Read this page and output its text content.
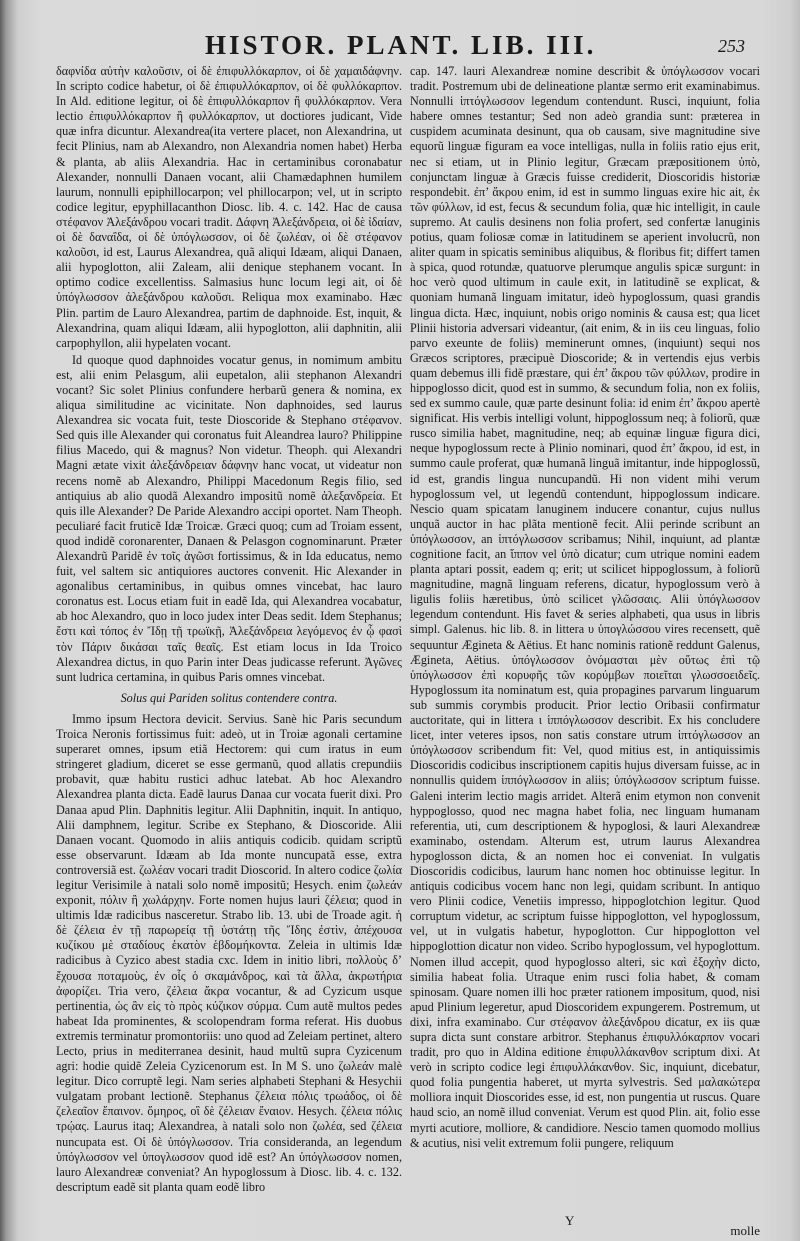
HISTOR. PLANT. LIB. III.	253

δαφνίδα αὐτὴν καλοῦσιν, οἱ δὲ ἐπιφυλλόκαρπον, οἱ δὲ χαμαιδάφνην. In scripto codice habetur, οἱ δὲ ἐπιφυλλόκαρπον, οἱ δὲ φυλλόκαρπον. In Ald. editione legitur, οἱ δὲ ἐπιφυλλόκαρπον ἢ φυλλόκαρπον. Vera lectio ἐπιφυλλόκαρπον ἢ φυλλόκαρπον, ut doctiores judicant, Vide quæ infra dicuntur. Alexandrea(ita vertere placet, non Alexandrina, ut fecit Plinius, nam ab Alexandro, non Alexandria nomen habet) Herba & planta, ab aliis Alexandria. Hac in certaminibus coronabatur Alexander, nonnulli Danaen vocant, alii Chamædaphnen humilem laurum, nonnulli epiphillocarpon; vel phillocarpon; vel, ut in scripto codice legitur, epyphillacanthon Diosc. lib. 4. c. 142. Hac de causa στέφανον Ἀλεξάνδρου vocari tradit. Δάφνη Ἀλεξάνδρεια, οἱ δὲ ἰδαίαν, οἱ δὲ δαναΐδα, οἱ δὲ ὑπόγλωσσον, οἱ δὲ ζωλέαν, οἱ δὲ στέφανον καλοῦσι, id est, Laurus Alexandrea, quã aliqui Idæam, aliqui Danaen, alii hypoglotton, alii Zaleam, alii denique stephanem vocant. In optimo codice excellentiss. Salmasius hunc locum legi ait, οἱ δὲ ὑπόγλωσσον ἀλεξάνδρου καλοῦσι. Reliqua mox examinabo. Hæc Plin. partim de Lauro Alexandrea, partim de daphnoide. Est, inquit, & Alexandrina, quam aliqui Idæam, alii hypoglotton, alii daphnitin, alii carpophyllon, alii hypelaten vocant.

Id quoque quod daphnoides vocatur genus, in nomimum ambitu est, alii enim Pelasgum, alii eupetalon, alii stephanon Alexandri vocant? Sic solet Plinius confundere herbarũ genera & nomina, ex aliqua similitudine ac vicinitate. Non daphnoides, sed laurus Alexandrea sic vocata fuit, teste Dioscoride & Stephano στέφανον. Sed quis ille Alexander qui coronatus fuit Aleandrea lauro? Philippine filius Macedo, qui & magnus? Non videtur. Theoph. qui Alexandri Magni ætate vixit ἀλεξάνδρειαν δάφνην hanc vocat, ut videatur non recens nomẽ ab Alexandro, Philippi Macedonum Regis filio, sed antiquius ab alio quodã Alexandro impositũ nomẽ ἀλεξανδρεία. Et quis ille Alexander? De Paride Alexandro accipi oportet. Nam Theoph. peculiaré facit fruticẽ Idæ Troicæ. Græci quoq; cum ad Troiam essent, quod indidẽ coronarenter, Danaen & Pelasgon cognominarunt. Præter Alexandrũ Paridẽ ἐν τοῖς ἀγῶσι fortissimus, & in Ida educatus, nemo fuit, vel saltem sic antiquiores auctores convenit. Hic Alexander in agonalibus certaminibus, in quibus omnes vincebat, hac lauro coronatus est. Locus etiam fuit in eadẽ Ida, qui Alexandrea vocabatur, ab hoc Alexandro, quo in loco judex inter Deas sedit. Idem Stephanus; ἔστι καὶ τόπος ἐν Ἴδῃ τῇ τρωϊκῇ, Ἀλεξάνδρεια λεγόμενος ἐν ᾧ φασὶ τὸν Πάριν δικάσαι ταῖς θεαῖς. Est etiam locus in Ida Troico Alexandrea dictus, in quo Parin inter Deas judicasse referunt. Ἀγῶνες sunt ludrica certamina, in quibus Paris omnes vincebat.

Solus qui Pariden solitus contendere contra.

Immo ipsum Hectora devicit. Servius. Sanè hic Paris secundum Troica Neronis fortissimus fuit: adeò, ut in Troiæ agonali certamine superaret omnes, ipsum etiã Hectorem: qui cum iratus in eum stringeret gladium, diceret se esse germanũ, quod allatis crepundiis probavit, quæ habitu rustici adhuc latebat. Ab hoc Alexandro Alexandrea planta dicta. Eadẽ laurus Danaa cur vocata fuerit dixi. Pro Danaa apud Plin. Daphnitis legitur. Alii Daphnitin, inquit. In antiquo, Alii damphnem, legitur. Scribe ex Stephano, & Dioscoride. Alii Danaen vocant. Quomodo in aliis antiquis codicib. quidam scriptũ esse observarunt. Idæam ab Ida monte nuncupatã esse, extra controversiã est. ζωλέαν vocari tradit Dioscorid. In altero codice ζωλία legitur Verisimile à natali solo nomẽ impositũ; Hesych. enim ζωλεάν exponit, πόλιν ἢ χωλάρχην. Forte nomen hujus lauri ζέλεια; quod in ultimis Idæ radicibus nasceretur. Strabo lib. 13. ubi de Troade agit. ἡ δὲ ζέλεια ἐν τῇ παρωρείᾳ τῇ ὑστάτῃ τῆς Ἴδης ἐστὶν, ἀπέχουσα κυζίκου μὲ σταδίους ἑκατὸν ἑβδομήκοντα. Zeleia in ultimis Idæ radicibus à Cyzico abest stadia cxc. Idem in initio libri, πολλοὺς δ’ ἔχουσα ποταμοὺς, ἐν οἷς ὁ σκαμάνδρος, καὶ τὰ ἄλλα, ἀκρωτήρια ἀφορίζει. Tria vero, ζέλεια ἄκρα vocantur, & ad Cyzicum usque pertinentia, ὡς ἂν εἰς τὸ πρὸς κύζικον σύρμα. Cum autẽ multos pedes habeat Ida prominentes, & scolopendram forma referat. His duobus extremis terminatur promontoriis: uno quod ad Zeleiam pertinet, altero Lecto, prius in mediterranea desinit, haud multũ supra Cyzicenum agri: hodie quidẽ Zeleia Cyzicenorum est. In M S. uno ζωλεάν malè legitur. Dico corruptẽ legi. Nam series alphabeti Stephani & Hesychii vulgatam probant lectionẽ. Stephanus ζέλεια πόλις τρωάδος, οἱ δὲ ζελεαῖον ἔπαινον. ὅμηρος, οἳ δὲ ζέλειαν ἔναιον. Hesych. ζέλεια πόλις τρῴας. Laurus itaq; Alexandrea, à natali solo non ζωλέα, sed ζέλεια nuncupata est. Οἱ δὲ ὑπόγλωσσον. Tria consideranda, an legendum ὑπόγλωσσον vel ὑπογλωσσον quod idẽ est? An ὑπόγλωσσον nomen, lauro Alexandreæ conveniat? An hypoglossum à Diosc. lib. 4. c. 132. descriptum eadẽ sit planta quam eodẽ libro

cap. 147. lauri Alexandreæ nomine describit & ὑπόγλωσσον vocari tradit. Postremum ubi de delineatione plantæ sermo erit examinabimus. Nonnulli ἱπτόγλωσσον legendum contendunt. Rusci, inquiunt, folia habere omnes testantur; Sed non adeò grandia sunt: præterea in cuspidem acuminata desinunt, qua ob causam, sive magnitudine sive equorũ linguæ figuram ea voce intelligas, nulla in foliis ratio ejus erit, nec si etiam, ut in Plinio legitur, Græcam præpositionem ὑπὸ, conjunctam linguæ à Græcis fuisse crediderit, Dioscoridis historiæ respondebit. ἐπ’ ἄκρου enim, id est in summo linguas exire hic ait, ἐκ τῶν φύλλων, id est, fecus & secundum folia, quæ hic intelligit, in caule supremo. At caulis desinens non folia profert, sed confertæ lanuginis potius, quam foliosæ comæ in latitudinem se aperient involucrũ, non aliter quam in spicatis seminibus aliquibus, & floribus fit; differt tamen à spica, quod rotundæ, quatuorve plerumque angulis spicæ surgunt: in hoc verò quod ultimum in caule exit, in latitudinẽ se explicat, & quoniam humanã linguam imitatur, ideò hypoglossum, quasi grandis lingua dicta. Hæc, inquiunt, nobis origo nominis & causa est; qua licet Plinii historia adversari videantur, (ait enim, & in iis ceu linguas, folio parvo exeunte de foliis) meminerunt omnes, (inquiunt) sequi nos Græcos scriptores, præcipuè Dioscoride; & in vertendis ejus verbis quam debemus illi fidẽ præstare, qui ἐπ’ ἄκρου τῶν φύλλων, prodire in hippoglosso dicit, quod est in summo, & secundum folia, non ex foliis, sed ex summo caule, quæ parte desinunt folia: id enim ἐπ’ ἄκρου apertè significat. His verbis intelligi volunt, hippoglossum neq; à foliorũ, quæ rusco similia habet, magnitudine, neq; ab equinæ linguæ figura dici, neque hypoglossum recte à Plinio nominari, quod ἐπ’ ἄκρου, id est, in summo caule proferat, quæ humanã linguã imitantur, inde hippoglossũ, id est, grandis lingua nuncupandũ. Hi non vident mihi verum hypoglossum vel, ut legendũ contendunt, hippoglossum indicare. Nescio quam spicatam lanuginem inducere conantur, cujus nullus unquã auctor in hac plãta mentionẽ fecit. Alii perinde scribunt an ὑπόγλωσσον, an ἱπτόγλωσσον scribamus; Nihil, inquiunt, ad plantæ cognitione facit, an ἵππον vel ὑπὸ dicatur; cum utrique nomini eadem planta aptari possit, eadem q; erit; ut scilicet hippoglossum, à foliorũ magnitudine, magnã linguam referens, dicatur, hypoglossum verò à ligulis foliis hæretibus, ὑπὸ scilicet γλῶσσαις. Alii ὑπόγλωσσον legendum contendunt. His favet & series alphabeti, qua usus in libris simpl. Galenus. hic lib. 8. in littera υ ὑπογλώσσου vires recensett, quẽ sequuntur Ægineta & Aëtius. Et hanc nominis rationẽ reddunt Galenus, Ægineta, Aëtius. ὑπόγλωσσον ὀνόμασται μὲν οὕτως ἐπὶ τῷ ὑπόγλωσσον ἐπὶ κορυφῆς τῶν κορύμβων ποιεῖται γλωσσοειδεῖς. Hypoglossum ita nominatum est, quia propagines parvarum linguarum sub summis corymbis producit. Prior lectio Oribasii confirmatur auctoritate, qui in littera ι ἱππόγλωσσον describit. Ex his concludere licet, inter veteres ipsos, non satis constare utrum ἱπτόγλωσσον an ὑπόγλωσσον scribendum fit: Vel, quod mitius est, in antiquissimis Dioscoridis codicibus inscriptionem capitis hujus diversam fuisse, ac in nonnullis quidem ἱππόγλωσσον in aliis; ὑπόγλωσσον scriptum fuisse. Galeni interim lectio magis arridet. Alterã enim etymon non convenit hyppoglosso, quod nec magna habet folia, nec linguam humanam referentia, uti, cum descriptionem & hypoglosi, & lauri Alexandreæ examinabo, ostendam. Alterum est, utrum laurus Alexandrea hypoglosson dicta, & an nomen hoc ei conveniat. In vulgatis Dioscoridis codicibus, laurum hanc nomen hoc obtinuisse legitur. In antiquis codicibus vocem hanc non legi, quidam scribunt. In antiquo vero Plinii codice, Venetiis impresso, hippoglotchion legitur. Quod corruptum videtur, ac scriptum fuisse hippoglotton, vel hypoglossum, vel, ut in vulgatis habetur, hypoglotton. Cur hippoglotton vel hippoglottion dicatur non video. Scribo hypoglossum, vel hypoglottum. Nomen illud accepit, quod hypoglosso alteri, sic καὶ ἐξοχὴν dicto, similia habeat folia. Utraque enim rusci folia habet, & comam spinosam. Quare nomen illi hoc præter rationem impositum, quod, nisi apud Plinium legeretur, apud Dioscoridem expungerem. Postremum, ut dixi, infra examinabo. Cur στέφανον ἀλεξάνδρου dicatur, ex iis quæ supra dicta sunt constare arbitror. Stephanus ἐπιφυλλόκαρπον vocari tradit, pro quo in Aldina editione ἐπιφυλλάκανθον scriptum dixi. At verò in scripto codice legi ἐπιφυλλάκανθον. Sic, inquiunt, dicebatur, quod folia pungentia haberet, ut myrta sylvestris. Sed μαλακώτερα molliora inquit Dioscorides esse, id est, non pungentia ut ruscus. Quare haud scio, an nomẽ illud conveniat. Verum est quod Plin. ait, folio esse myrti acutiore, molliore, & candidiore. Nescio tamen quomodo mollius & acutius, nisi velit extremum folii pungere, reliquum

Y
molle
